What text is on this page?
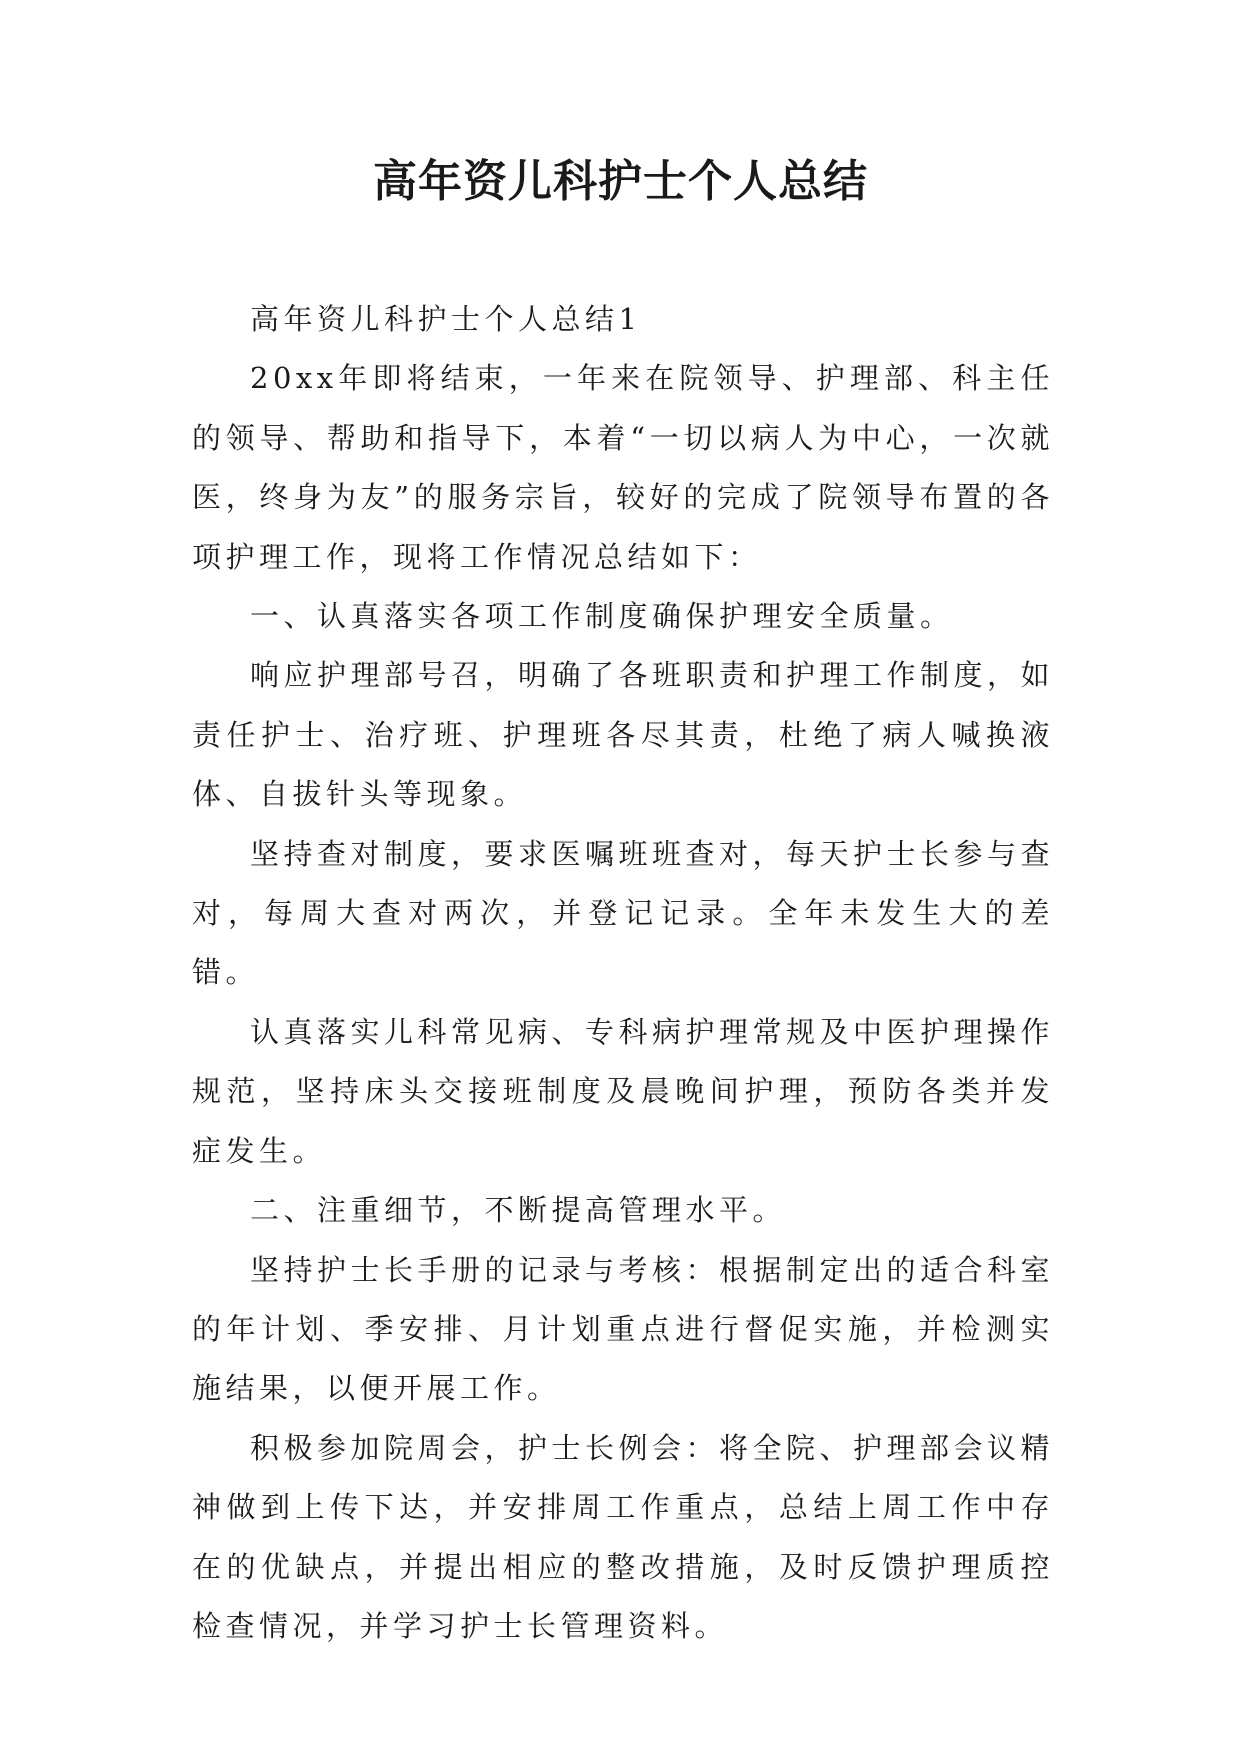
高年资儿科护士个人总结

高年资儿科护士个人总结1

20xx年即将结束，一年来在院领导、护理部、科主任的领导、帮助和指导下，本着“一切以病人为中心，一次就医，终身为友”的服务宗旨，较好的完成了院领导布置的各项护理工作，现将工作情况总结如下：

一、认真落实各项工作制度确保护理安全质量。

响应护理部号召，明确了各班职责和护理工作制度，如责任护士、治疗班、护理班各尽其责，杜绝了病人喊换液体、自拔针头等现象。

坚持查对制度，要求医嘱班班查对，每天护士长参与查对，每周大查对两次，并登记记录。全年未发生大的差错。

认真落实儿科常见病、专科病护理常规及中医护理操作规范，坚持床头交接班制度及晨晚间护理，预防各类并发症发生。

二、注重细节，不断提高管理水平。

坚持护士长手册的记录与考核：根据制定出的适合科室的年计划、季安排、月计划重点进行督促实施，并检测实施结果，以便开展工作。

积极参加院周会，护士长例会：将全院、护理部会议精神做到上传下达，并安排周工作重点，总结上周工作中存在的优缺点，并提出相应的整改措施，及时反馈护理质控检查情况，并学习护士长管理资料。
